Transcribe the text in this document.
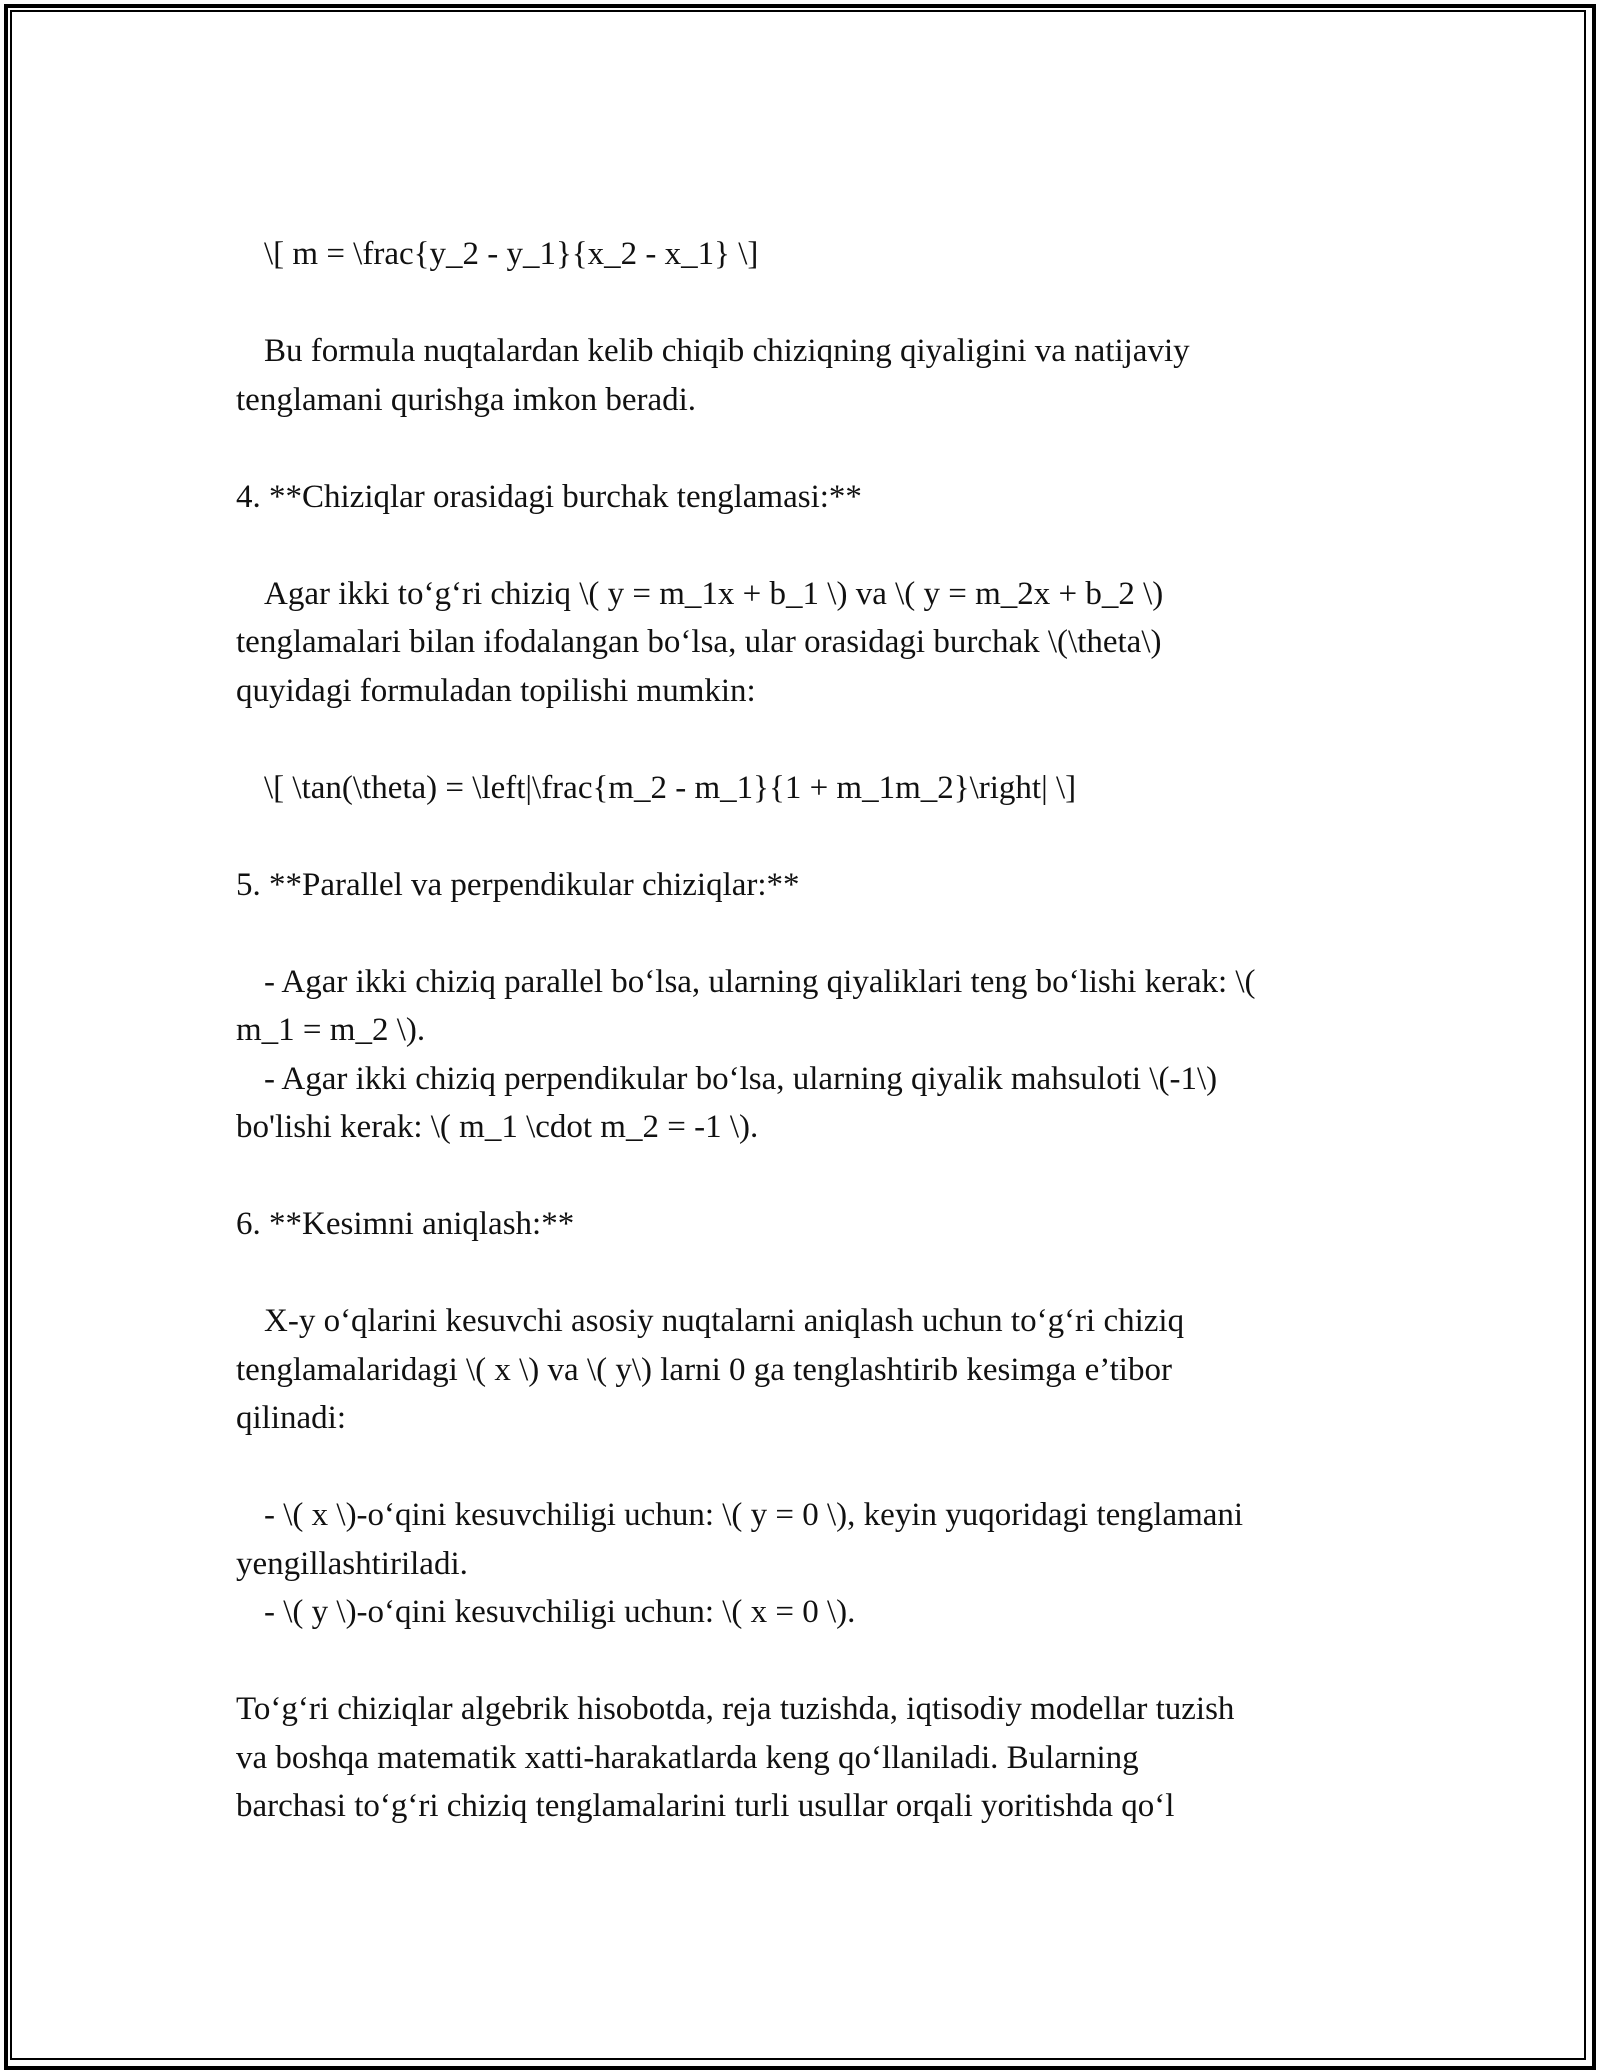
\[ m = \frac{y_2 - y_1}{x_2 - x_1} \]
Bu formula nuqtalardan kelib chiqib chiziqning qiyaligini va natijaviy
tenglamani qurishga imkon beradi.
4. **Chiziqlar orasidagi burchak tenglamasi:**
Agar ikki to‘g‘ri chiziq \( y = m_1x + b_1 \) va \( y = m_2x + b_2 \)
tenglamalari bilan ifodalangan bo‘lsa, ular orasidagi burchak \(\theta\)
quyidagi formuladan topilishi mumkin:
\[ \tan(\theta) = \left|\frac{m_2 - m_1}{1 + m_1m_2}\right| \]
5. **Parallel va perpendikular chiziqlar:**
- Agar ikki chiziq parallel bo‘lsa, ularning qiyaliklari teng bo‘lishi kerak: \(
m_1 = m_2 \).
- Agar ikki chiziq perpendikular bo‘lsa, ularning qiyalik mahsuloti \(-1\)
bo'lishi kerak: \( m_1 \cdot m_2 = -1 \).
6. **Kesimni aniqlash:**
X-y o‘qlarini kesuvchi asosiy nuqtalarni aniqlash uchun to‘g‘ri chiziq
tenglamalaridagi \( x \) va \( y\) larni 0 ga tenglashtirib kesimga e’tibor
qilinadi:
- \( x \)-o‘qini kesuvchiligi uchun: \( y = 0 \), keyin yuqoridagi tenglamani
yengillashtiriladi.
- \( y \)-o‘qini kesuvchiligi uchun: \( x = 0 \).
To‘g‘ri chiziqlar algebrik hisobotda, reja tuzishda, iqtisodiy modellar tuzish
va boshqa matematik xatti-harakatlarda keng qo‘llaniladi. Bularning
barchasi to‘g‘ri chiziq tenglamalarini turli usullar orqali yoritishda qo‘l
